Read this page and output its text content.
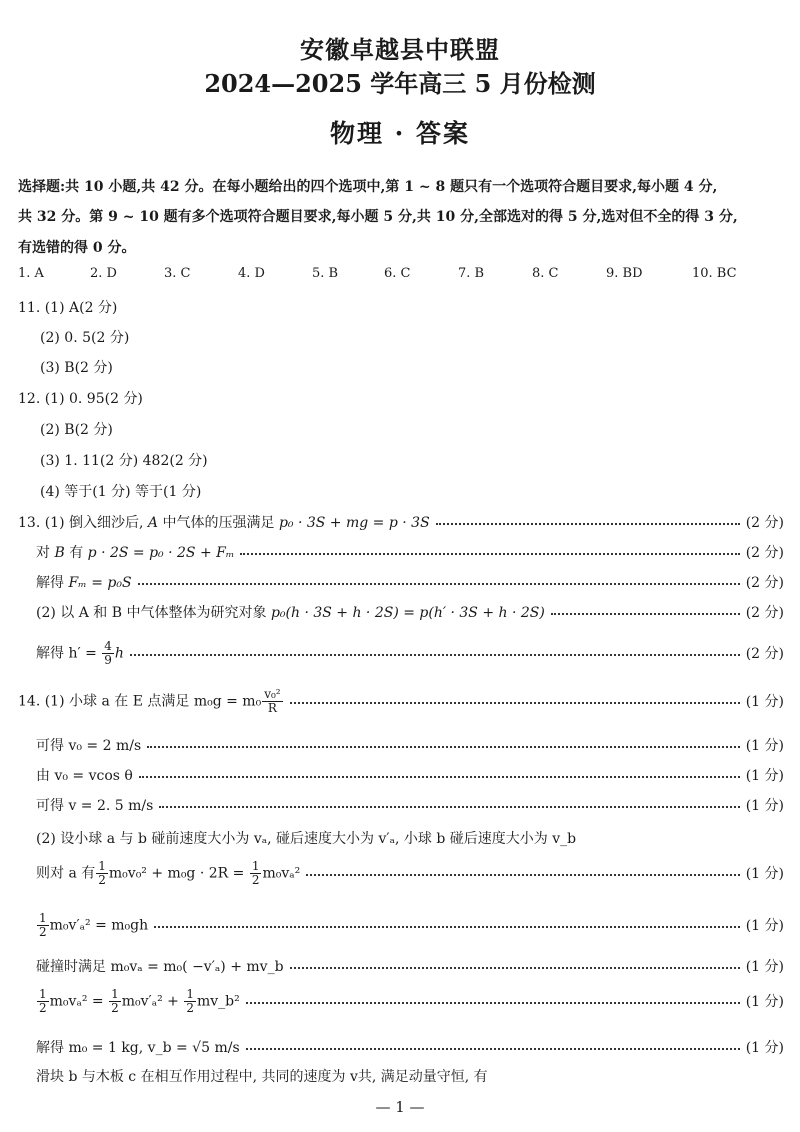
安徽卓越县中联盟
2024—2025 学年高三 5 月份检测
物理 · 答案
选择题:共 10 小题,共 42 分。在每小题给出的四个选项中,第 1 ~ 8 题只有一个选项符合题目要求,每小题 4 分,
共 32 分。第 9 ~ 10 题有多个选项符合题目要求,每小题 5 分,共 10 分,全部选对的得 5 分,选对但不全的得 3 分,
有选错的得 0 分。
1. A	2. D	3. C	4. D	5. B	6. C	7. B	8. C	9. BD	10. BC
11. (1) A(2 分)
(2) 0. 5(2 分)
(3) B(2 分)
12. (1) 0. 95(2 分)
(2) B(2 分)
(3) 1. 11(2 分) 482(2 分)
(4) 等于(1 分) 等于(1 分)
13. (1) 倒入细沙后, A 中气体的压强满足 p₀ · 3S + mg = p · 3S	(2 分)
对 B 有 p · 2S = p₀ · 2S + Fₘ	(2 分)
解得 Fₘ = p₀S	(2 分)
(2) 以 A 和 B 中气体整体为研究对象 p₀(h · 3S + h · 2S) = p(h′ · 3S + h · 2S)	(2 分)
解得 $h' = \frac{4}{9}$ h	(2 分)
14. (1) 小球 a 在 E 点满足 $m_0g = m_0 \frac{\text{v₀²}}{R}$	(1 分)
可得 v₀ = 2 m/s	(1 分)
由 v₀ = vcos θ	(1 分)
可得 v = 2. 5 m/s	(1 分)
(2) 设小球 a 与 b 碰前速度大小为 vₐ, 碰后速度大小为 v′ₐ, 小球 b 碰后速度大小为 v_b
则对 a 有 $\frac{1}{2} m_0v_0^2 + m_0g \cdot 2R = \frac{1}{2} m_0v_a^2$	(1 分)
$\frac{1}{2} m_0v'_a^2 = m_0gh$	(1 分)
碰撞时满足 m₀vₐ = m₀( −v′ₐ) + mv_b	(1 分)
$\frac{1}{2} m_0v_a^2 = \frac{1}{2} m_0v'_a^2 + \frac{1}{2}$ mv_b²	(1 分)
解得 m₀ = 1 kg, v_b = √5 m/s	(1 分)
滑块 b 与木板 c 在相互作用过程中, 共同的速度为 v共, 满足动量守恒, 有
— 1 —
